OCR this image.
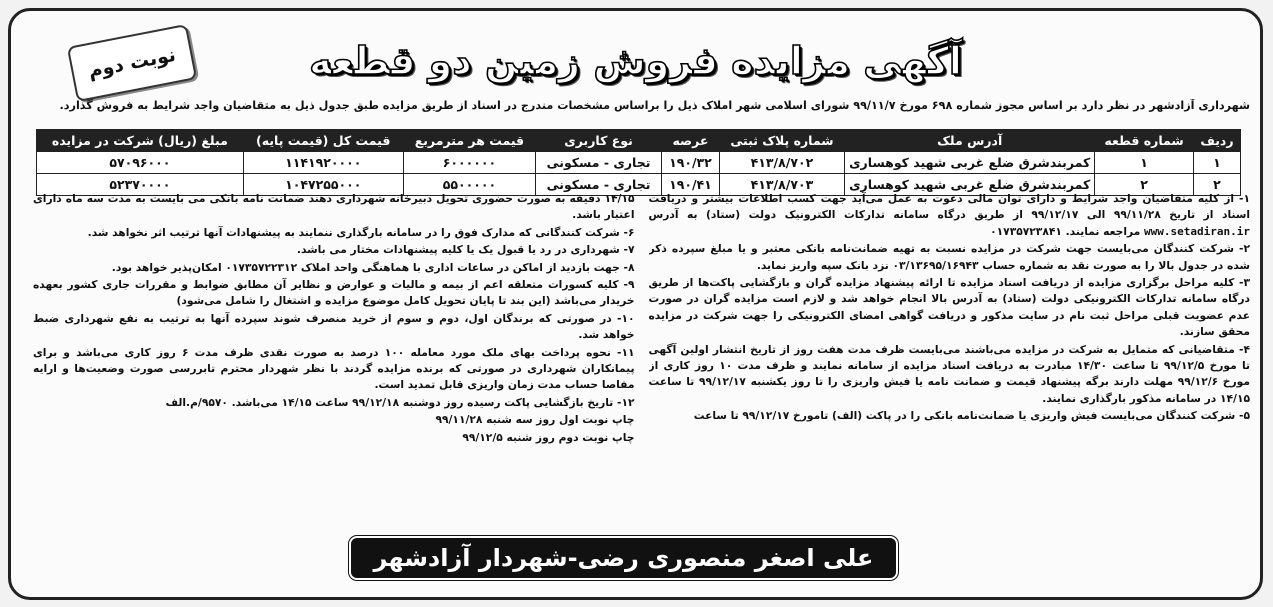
نوبت دوم	آگهی مزایده فروش زمین دو قطعه
شهرداری آزادشهر در نظر دارد بر اساس مجوز شماره ۶۹۸ مورخ ۹۹/۱۱/۷ شورای اسلامی شهر املاک ذیل را براساس مشخصات مندرج در اسناد از طریق مزایده طبق جدول ذیل به متقاضیان واجد شرایط به فروش گذارد.
ردیف	شماره قطعه	آدرس ملک	شماره پلاک ثبتی	عرصه	نوع کاربری	قیمت هر مترمربع	قیمت کل (قیمت پایه)	مبلغ (ریال) شرکت در مزایده
۱	۱	کمربندشرق ضلع غربی شهید کوهساری	۴۱۳/۸/۷۰۲	۱۹۰/۳۲	تجاری - مسکونی	۶۰۰۰۰۰۰	۱۱۴۱۹۲۰۰۰۰	۵۷۰۹۶۰۰۰
۲	۲	کمربندشرق ضلع غربی شهید کوهساری	۴۱۳/۸/۷۰۳	۱۹۰/۴۱	تجاری - مسکونی	۵۵۰۰۰۰۰	۱۰۴۷۲۵۵۰۰۰	۵۲۳۷۰۰۰۰

۱- از کلیه متقاضیان واجد شرایط و دارای توان مالی دعوت به عمل می‌آید جهت کسب اطلاعات بیشتر و دریافت اسناد از تاریخ ۹۹/۱۱/۲۸ الی ۹۹/۱۲/۱۷ از طریق درگاه سامانه تدارکات الکترونیک دولت (ستاد) به آدرس www.setadiran.ir مراجعه نمایند. ۰۱۷۳۵۷۲۳۸۴۱

۲- شرکت کنندگان می‌بایست جهت شرکت در مزایده نسبت به تهیه ضمانت‌نامه بانکی معتبر و یا مبلغ سپرده ذکر شده در جدول بالا را به صورت نقد به شماره حساب ۰۳/۱۳۶۹۵/۱۶۹۴۳ نزد بانک سپه واریز نماید.

۳- کلیه مراحل برگزاری مزایده از دریافت اسناد مزایده تا ارائه پیشنهاد مزایده گران و بازگشایی پاکت‌ها از طریق درگاه سامانه تدارکات الکترونیکی دولت (ستاد) به آدرس بالا انجام خواهد شد و لازم است مزایده گران در صورت عدم عضویت قبلی مراحل ثبت نام در سایت مذکور و دریافت گواهی امضای الکترونیکی را جهت شرکت در مزایده محقق سازند.

۴- متقاضیانی که متمایل به شرکت در مزایده می‌باشند می‌بایست ظرف مدت هفت روز از تاریخ انتشار اولین آگهی تا مورخ ۹۹/۱۲/۵ تا ساعت ۱۴/۳۰ مبادرت به دریافت اسناد مزایده از سامانه نمایند و ظرف مدت ۱۰ روز کاری از مورخ ۹۹/۱۲/۶ مهلت دارند برگه پیشنهاد قیمت و ضمانت نامه یا فیش واریزی را تا روز یکشنبه ۹۹/۱۲/۱۷ تا ساعت ۱۴/۱۵ در سامانه مذکور بارگذاری نمایند.

۵- شرکت کنندگان می‌بایست فیش واریزی یا ضمانت‌نامه بانکی را در پاکت (الف) تامورخ ۹۹/۱۲/۱۷ تا ساعت

۱۴/۱۵ دقیقه به صورت حضوری تحویل دبیرخانه شهرداری دهند ضمانت نامه بانکی می بایست به مدت سه ماه دارای اعتبار باشد.

۶- شرکت کنندگانی که مدارک فوق را در سامانه بارگذاری ننمایند به پیشنهادات آنها ترتیب اثر نخواهد شد.

۷- شهرداری در رد یا قبول یک یا کلیه پیشنهادات مختار می باشد.

۸- جهت بازدید از اماکن در ساعات اداری با هماهنگی واحد املاک ۰۱۷۳۵۷۲۲۳۱۲ امکان‌پذیر خواهد بود.

۹- کلیه کسورات متعلقه اعم از بیمه و مالیات و عوارض و نظایر آن مطابق ضوابط و مقررات جاری کشور بعهده خریدار می‌باشد (این بند تا پایان تحویل کامل موضوع مزایده و اشتغال را شامل می‌شود)

۱۰- در صورتی که برندگان اول، دوم و سوم از خرید منصرف شوند سپرده آنها به ترتیب به نفع شهرداری ضبط خواهد شد.

۱۱- نحوه پرداخت بهای ملک مورد معامله ۱۰۰ درصد به صورت نقدی ظرف مدت ۶ روز کاری می‌باشد و برای پیمانکاران شهرداری در صورتی که برنده مزایده گردند با نظر شهردار محترم تابررسی صورت وضعیت‌ها و ارایه مفاصا حساب مدت زمان واریزی قابل تمدید است.

۱۲- تاریخ بازگشایی پاکت رسیده روز دوشنبه ۹۹/۱۲/۱۸ ساعت ۱۴/۱۵ می‌باشد. ۹۵۷۰/م.الف

چاپ نوبت اول روز سه شنبه ۹۹/۱۱/۲۸

چاپ نوبت دوم روز شنبه ۹۹/۱۲/۵

علی اصغر منصوری رضی-شهردار آزادشهر
